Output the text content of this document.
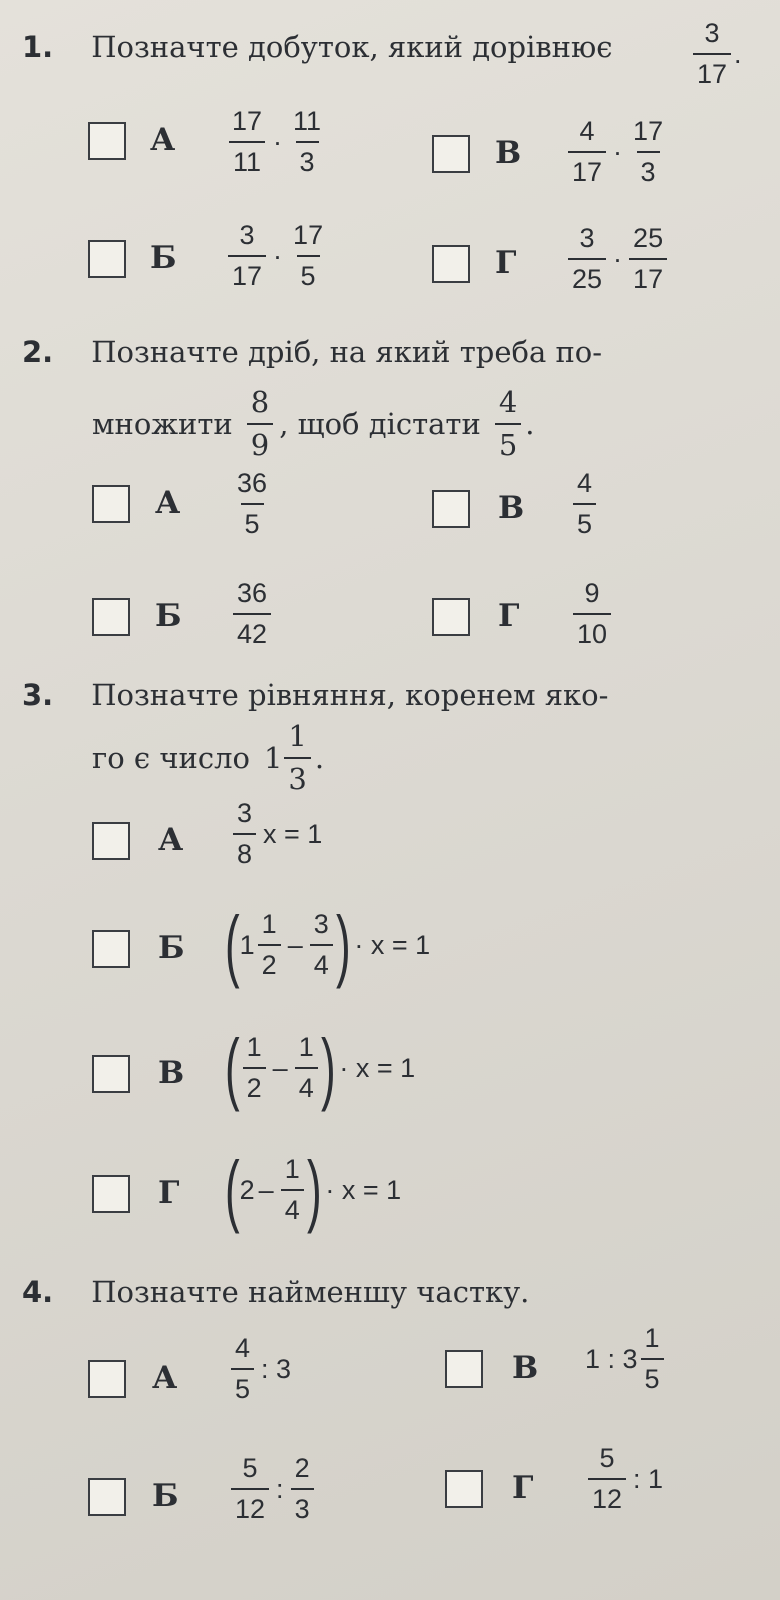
1. Позначте добуток, який дорівнює	$\frac{3}{17}$ .
А $\frac{17}{11} \cdot \frac{11}{3}$	В $\frac{4}{17} \cdot \frac{17}{3}$
Б $\frac{3}{17} \cdot \frac{17}{5}$	Г $\frac{3}{25} \cdot \frac{25}{17}$
2. Позначте дріб, на який треба по-
множити $\frac{8}{9}$ , щоб дістати $\frac{4}{5}$ .
А $\frac{36}{5}$	В $\frac{4}{5}$
Б $\frac{36}{42}$	Г $\frac{9}{10}$
3. Позначте рівняння, коренем яко-
го є число $1 \frac{1}{3}$ .
А $\frac{3}{8}$ x = 1
Б ( $1 \frac{1}{2} - \frac{3}{4}$ ) · x = 1
В ( $\frac{1}{2} - \frac{1}{4}$ ) · x = 1
Г ( $2 - \frac{1}{4}$ ) · x = 1
4. Позначте найменшу частку.
А $\frac{4}{5}$ : 3	В 1 : $3 \frac{1}{5}$
Б $\frac{5}{12}$ : $\frac{2}{3}$	Г $\frac{5}{12}$ : 1
